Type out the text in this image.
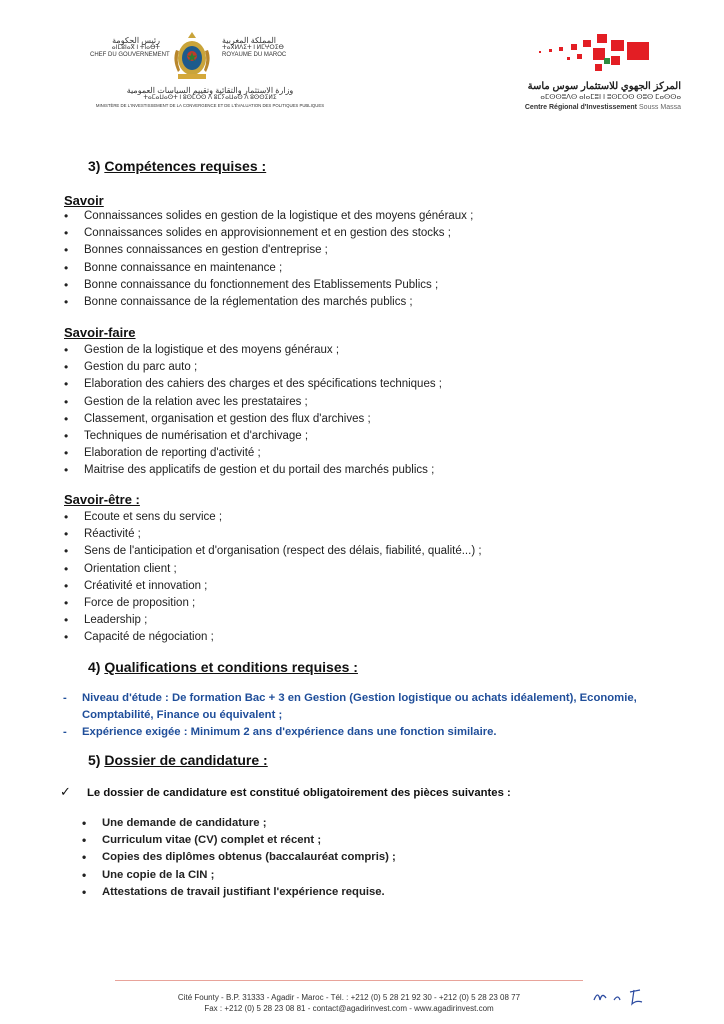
رئيس الحكومة
ⴰⵏⵎⵓⵏⴰⴳ ⵏ ⵜⵏⴰⴱⵜ
CHEF DU GOUVERNEMENT
المملكة المغربية
ⵜⴰⴳⵍⴷⵉⵜ ⵏ ⵍⵎⵖⵔⵉⴱ
ROYAUME DU MAROC
وزارة الاستثمار والتقائية وتقييم السياسات العمومية
ⵜⴰⵎⴰⵡⴰⵙⵜ ⵏ ⵓⵙⵎⵔⵙ ⴷ ⵓⵎⵢⴰⵡⴰⵙ ⴷ ⵓⵙⵙⵉⵍⵉ
MINISTÈRE DE L'INVESTISSEMENT DE LA CONVERGENCE ET DE L'ÉVALUATION DES POLITIQUES PUBLIQUES
المركز الجهوي للاستثمار سوس ماسة
ⴰⵎⵙⵙⵓⴷⵙ ⴰⵏⴰⵎⵓⵏ ⵏ ⵓⵙⵎⵔⵙ ⵙⵓⵙ ⵎⴰⵙⵙⴰ
Centre Régional d'Investissement Souss Massa
3) Compétences requises :
Savoir
• Connaissances solides en gestion de la logistique et des moyens généraux ;
• Connaissances solides en approvisionnement et en gestion des stocks ;
• Bonnes connaissances en gestion d'entreprise ;
• Bonne connaissance en maintenance ;
• Bonne connaissance du fonctionnement des Etablissements Publics ;
• Bonne connaissance de la réglementation des marchés publics ;
Savoir-faire
• Gestion de la logistique et des moyens généraux ;
• Gestion du parc auto ;
• Elaboration des cahiers des charges et des spécifications techniques ;
• Gestion de la relation avec les prestataires ;
• Classement, organisation et gestion des flux d'archives ;
• Techniques de numérisation et d'archivage ;
• Elaboration de reporting d'activité ;
• Maitrise des applicatifs de gestion et du portail des marchés publics ;
Savoir-être :
• Ecoute et sens du service ;
• Réactivité ;
• Sens de l'anticipation et d'organisation (respect des délais, fiabilité, qualité...) ;
• Orientation client ;
• Créativité et innovation ;
• Force de proposition ;
• Leadership ;
• Capacité de négociation ;
4) Qualifications et conditions requises :
- Niveau d'étude : De formation Bac + 3 en Gestion (Gestion logistique ou achats idéalement), Economie, Comptabilité, Finance ou équivalent ;
- Expérience exigée : Minimum 2 ans d'expérience dans une fonction similaire.
5) Dossier de candidature :
✓ Le dossier de candidature est constitué obligatoirement des pièces suivantes :
• Une demande de candidature ;
• Curriculum vitae (CV) complet et récent ;
• Copies des diplômes obtenus (baccalauréat compris) ;
• Une copie de la CIN ;
• Attestations de travail justifiant l'expérience requise.
Cité Founty - B.P. 31333 - Agadir - Maroc - Tél. : +212 (0) 5 28 21 92 30 - +212 (0) 5 28 23 08 77
Fax : +212 (0) 5 28 23 08 81 - contact@agadirinvest.com - www.agadirinvest.com
